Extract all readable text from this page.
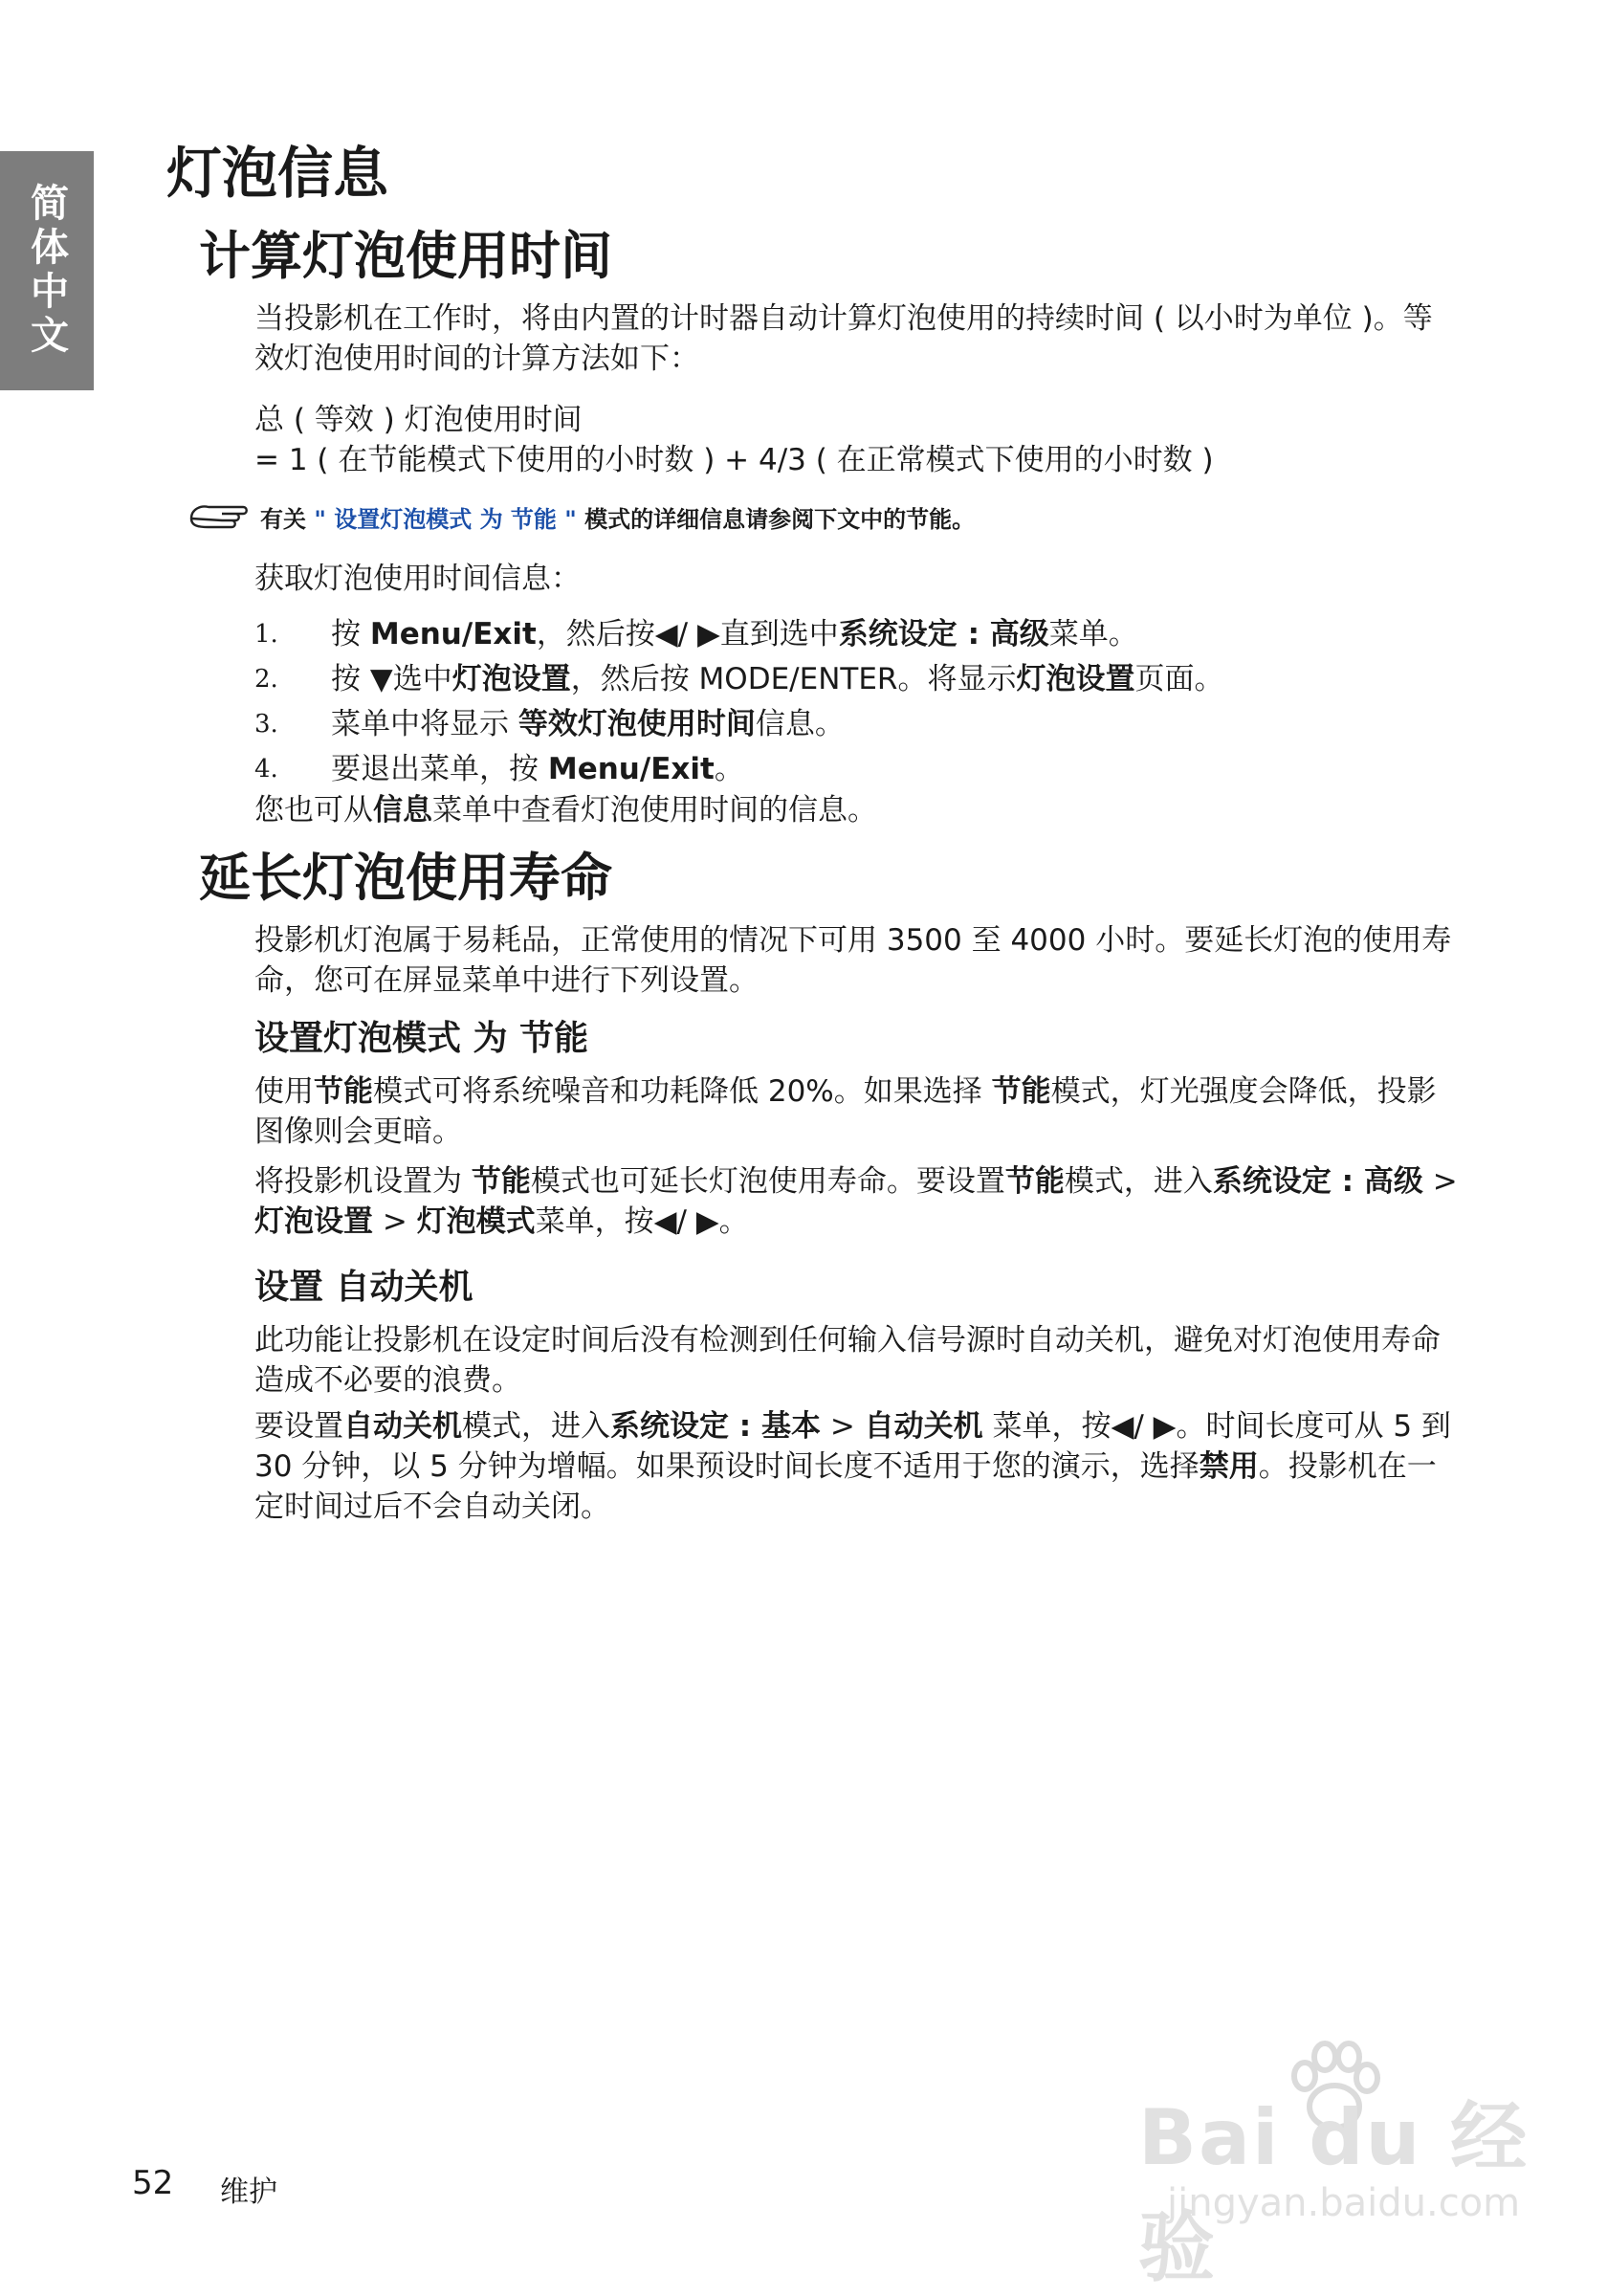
简体中文
灯泡信息
计算灯泡使用时间

当投影机在工作时，将由内置的计时器自动计算灯泡使用的持续时间 ( 以小时为单位 )。等效灯泡使用时间的计算方法如下：

总 ( 等效 ) 灯泡使用时间

= 1 ( 在节能模式下使用的小时数 ) + 4/3 ( 在正常模式下使用的小时数 )

有关 " 设置灯泡模式 为 节能 " 模式的详细信息请参阅下文中的节能。

获取灯泡使用时间信息：

1.	按 Menu/Exit，然后按◀/ ▶直到选中系统设定 : 高级菜单。
2.	按 ▼选中灯泡设置，然后按 MODE/ENTER。将显示灯泡设置页面。
3.	菜单中将显示 等效灯泡使用时间信息。
4.	要退出菜单，按 Menu/Exit。

您也可从信息菜单中查看灯泡使用时间的信息。

延长灯泡使用寿命

投影机灯泡属于易耗品，正常使用的情况下可用 3500 至 4000 小时。要延长灯泡的使用寿命，您可在屏显菜单中进行下列设置。

设置灯泡模式 为 节能

使用节能模式可将系统噪音和功耗降低 20%。如果选择 节能模式，灯光强度会降低，投影图像则会更暗。

将投影机设置为 节能模式也可延长灯泡使用寿命。要设置节能模式，进入系统设定 : 高级 > 灯泡设置 > 灯泡模式菜单，按◀/ ▶。

设置 自动关机

此功能让投影机在设定时间后没有检测到任何输入信号源时自动关机，避免对灯泡使用寿命造成不必要的浪费。

要设置自动关机模式，进入系统设定 : 基本 > 自动关机 菜单，按◀/ ▶。时间长度可从 5 到 30 分钟，以 5 分钟为增幅。如果预设时间长度不适用于您的演示，选择禁用。投影机在一定时间过后不会自动关闭。

Bai du 经验
jingyan.baidu.com
52 维护
